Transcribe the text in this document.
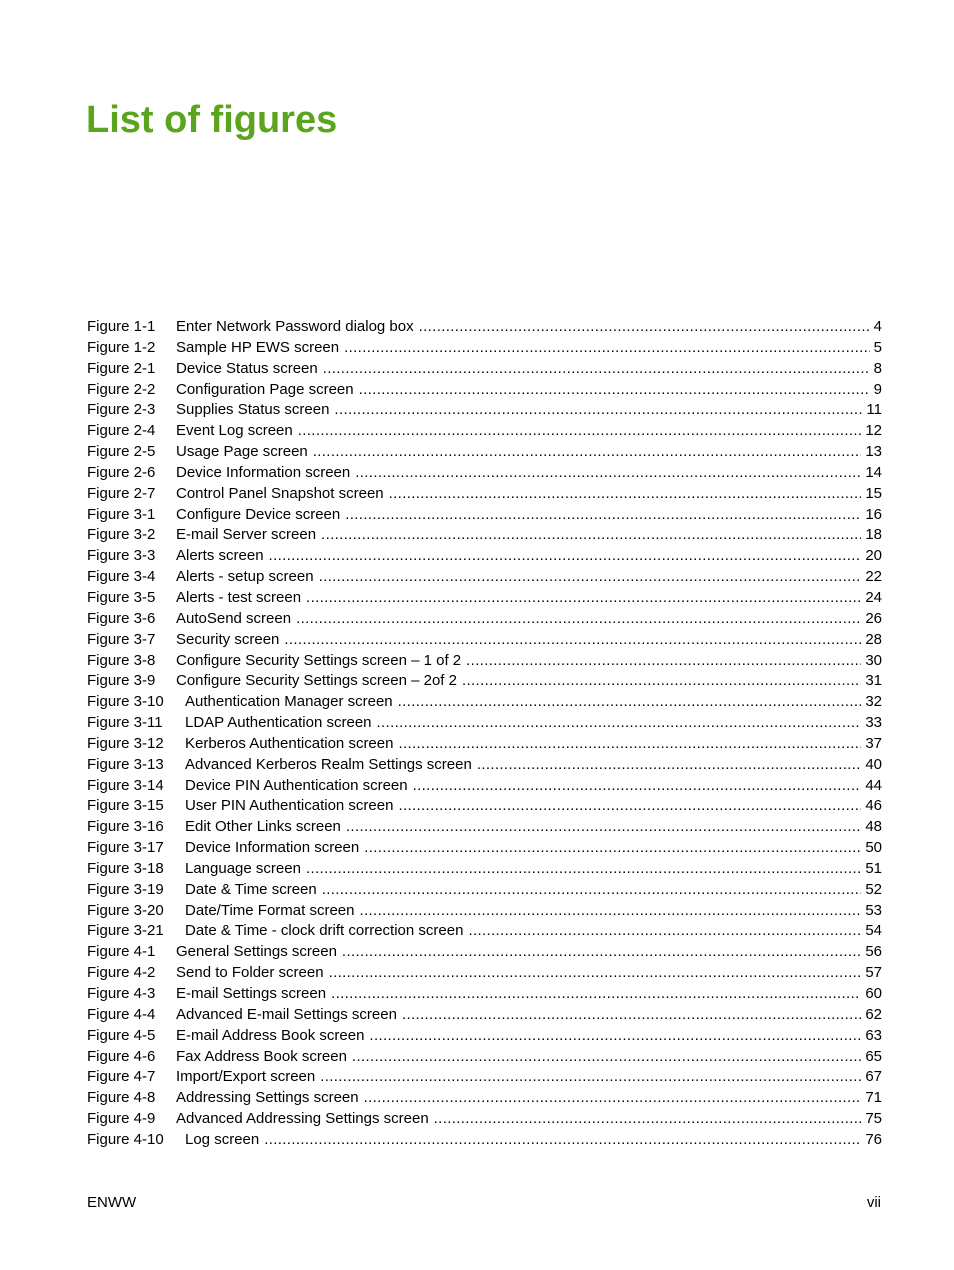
List of figures
Figure 1-1	Enter Network Password dialog box .....	4
Figure 1-2	Sample HP EWS screen .....	5
Figure 2-1	Device Status screen .....	8
Figure 2-2	Configuration Page screen .....	9
Figure 2-3	Supplies Status screen .....	11
Figure 2-4	Event Log screen .....	12
Figure 2-5	Usage Page screen .....	13
Figure 2-6	Device Information screen .....	14
Figure 2-7	Control Panel Snapshot screen .....	15
Figure 3-1	Configure Device screen .....	16
Figure 3-2	E-mail Server screen .....	18
Figure 3-3	Alerts screen .....	20
Figure 3-4	Alerts - setup screen .....	22
Figure 3-5	Alerts - test screen .....	24
Figure 3-6	AutoSend screen .....	26
Figure 3-7	Security screen .....	28
Figure 3-8	Configure Security Settings screen – 1 of 2 .....	30
Figure 3-9	Configure Security Settings screen – 2of 2 .....	31
Figure 3-10	Authentication Manager screen .....	32
Figure 3-11	LDAP Authentication screen .....	33
Figure 3-12	Kerberos Authentication screen .....	37
Figure 3-13	Advanced Kerberos Realm Settings screen .....	40
Figure 3-14	Device PIN Authentication screen .....	44
Figure 3-15	User PIN Authentication screen .....	46
Figure 3-16	Edit Other Links screen .....	48
Figure 3-17	Device Information screen .....	50
Figure 3-18	Language screen .....	51
Figure 3-19	Date & Time screen .....	52
Figure 3-20	Date/Time Format screen .....	53
Figure 3-21	Date & Time - clock drift correction screen .....	54
Figure 4-1	General Settings screen .....	56
Figure 4-2	Send to Folder screen .....	57
Figure 4-3	E-mail Settings screen .....	60
Figure 4-4	Advanced E-mail Settings screen .....	62
Figure 4-5	E-mail Address Book screen .....	63
Figure 4-6	Fax Address Book screen .....	65
Figure 4-7	Import/Export screen .....	67
Figure 4-8	Addressing Settings screen .....	71
Figure 4-9	Advanced Addressing Settings screen .....	75
Figure 4-10	Log screen .....	76
ENWW	vii
